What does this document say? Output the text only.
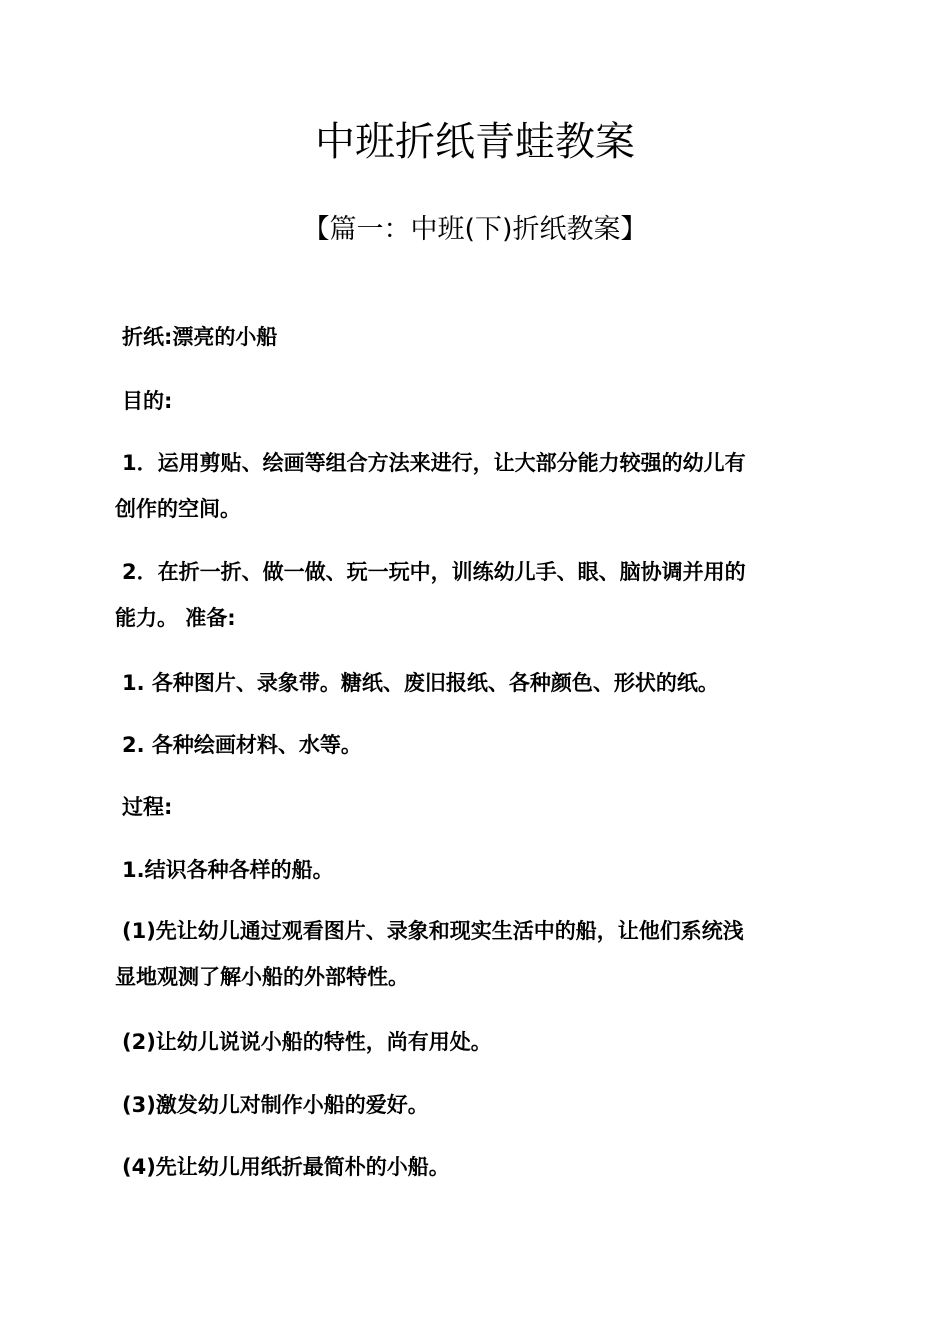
中班折纸青蛙教案
【篇一：中班(下)折纸教案】

折纸:漂亮的小船

目的:

1．运用剪贴、绘画等组合方法来进行，让大部分能力较强的幼儿有
创作的空间。
2．在折一折、做一做、玩一玩中，训练幼儿手、眼、脑协调并用的
能力。 准备:

1. 各种图片、录象带。糖纸、废旧报纸、各种颜色、形状的纸。

2. 各种绘画材料、水等。

过程:

1.结识各种各样的船。

(1)先让幼儿通过观看图片、录象和现实生活中的船，让他们系统浅
显地观测了解小船的外部特性。

(2)让幼儿说说小船的特性，尚有用处。

(3)激发幼儿对制作小船的爱好。

(4)先让幼儿用纸折最简朴的小船。
